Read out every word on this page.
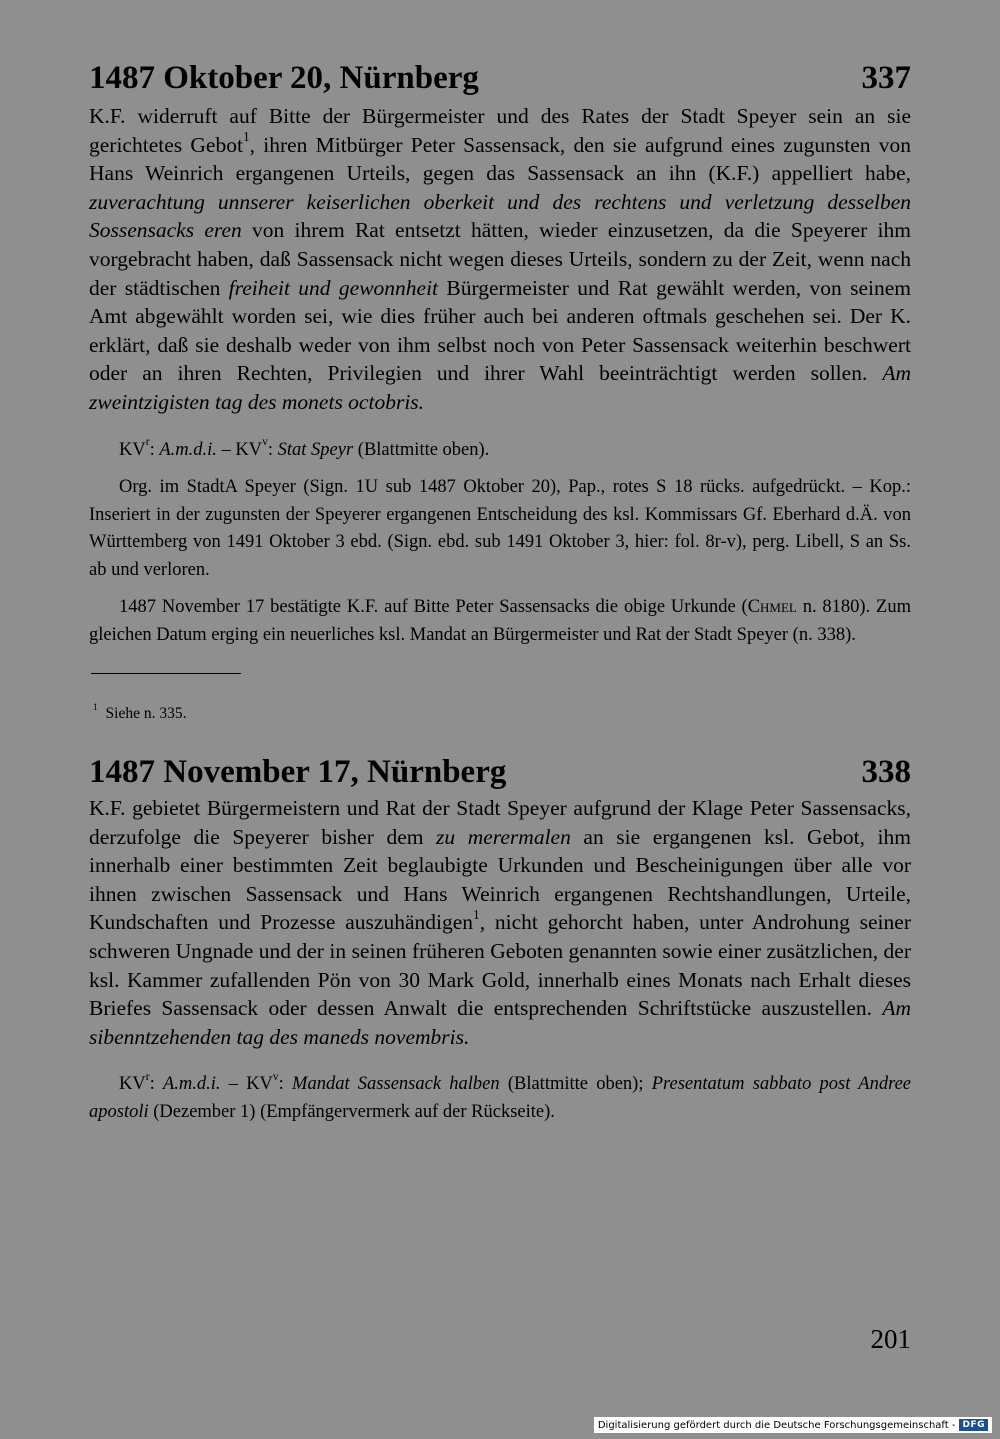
1487 Oktober 20, Nürnberg	337

K.F. widerruft auf Bitte der Bürgermeister und des Rates der Stadt Speyer sein an sie gerichtetes Gebot$^1$, ihren Mitbürger Peter Sassensack, den sie aufgrund eines zugunsten von Hans Weinrich ergangenen Urteils, gegen das Sassensack an ihn (K.F.) appelliert habe, zuverachtung unnserer keiserlichen oberkeit und des rechtens und verletzung desselben Sossensacks eren von ihrem Rat entsetzt hätten, wieder einzusetzen, da die Speyerer ihm vorgebracht haben, daß Sassensack nicht wegen dieses Urteils, sondern zu der Zeit, wenn nach der städtischen freiheit und gewonnheit Bürgermeister und Rat gewählt werden, von seinem Amt abgewählt worden sei, wie dies früher auch bei anderen oftmals geschehen sei. Der K. erklärt, daß sie deshalb weder von ihm selbst noch von Peter Sassensack weiterhin beschwert oder an ihren Rechten, Privilegien und ihrer Wahl beeinträchtigt werden sollen. Am zweintzigisten tag des monets octobris.

$KV^r$: A.m.d.i. – $KV^v$: Stat Speyr (Blattmitte oben).

Org. im StadtA Speyer (Sign. 1U sub 1487 Oktober 20), Pap., rotes S 18 rücks. aufgedrückt. – Kop.: Inseriert in der zugunsten der Speyerer ergangenen Entscheidung des ksl. Kommissars Gf. Eberhard d.Ä. von Württemberg von 1491 Oktober 3 ebd. (Sign. ebd. sub 1491 Oktober 3, hier: fol. 8r-v), perg. Libell, S an Ss. ab und verloren.

1487 November 17 bestätigte K.F. auf Bitte Peter Sassensacks die obige Urkunde (Chmel n. 8180). Zum gleichen Datum erging ein neuerliches ksl. Mandat an Bürgermeister und Rat der Stadt Speyer (n. 338).

$^1$ Siehe n. 335.
1487 November 17, Nürnberg	338

K.F. gebietet Bürgermeistern und Rat der Stadt Speyer aufgrund der Klage Peter Sassensacks, derzufolge die Speyerer bisher dem zu merermalen an sie ergangenen ksl. Gebot, ihm innerhalb einer bestimmten Zeit beglaubigte Urkunden und Bescheinigungen über alle vor ihnen zwischen Sassensack und Hans Weinrich ergangenen Rechtshandlungen, Urteile, Kundschaften und Prozesse auszuhändigen$^1$, nicht gehorcht haben, unter Androhung seiner schweren Ungnade und der in seinen früheren Geboten genannten sowie einer zusätzlichen, der ksl. Kammer zufallenden Pön von 30 Mark Gold, innerhalb eines Monats nach Erhalt dieses Briefes Sassensack oder dessen Anwalt die entsprechenden Schriftstücke auszustellen. Am sibenntzehenden tag des maneds novembris.

$KV^r$: A.m.d.i. – $KV^v$: Mandat Sassensack halben (Blattmitte oben); Presentatum sabbato post Andree apostoli (Dezember 1) (Empfängervermerk auf der Rückseite).

201
Digitalisierung gefördert durch die Deutsche Forschungsgemeinschaft - DFG
